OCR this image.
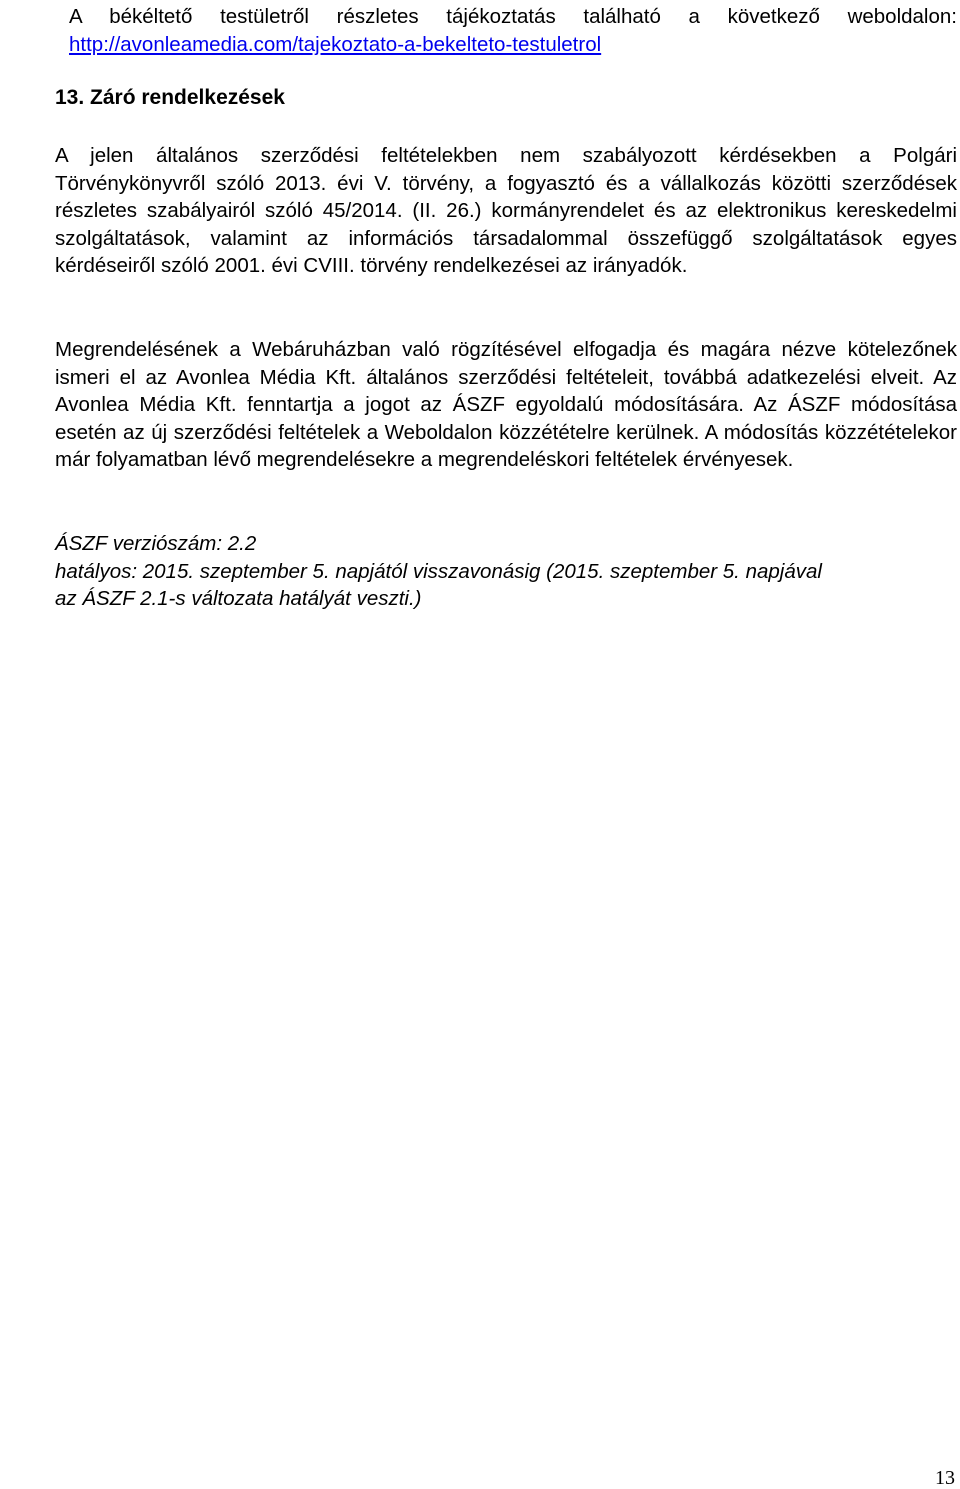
A békéltető testületről részletes tájékoztatás található a következő weboldalon:
http://avonleamedia.com/tajekoztato-a-bekelteto-testuletrol
13. Záró rendelkezések

A jelen általános szerződési feltételekben nem szabályozott kérdésekben a Polgári Törvénykönyvről szóló 2013. évi V. törvény, a fogyasztó és a vállalkozás közötti szerződések részletes szabályairól szóló 45/2014. (II. 26.) kormányrendelet és az elektronikus kereskedelmi szolgáltatások, valamint az információs társadalommal összefüggő szolgáltatások egyes kérdéseiről szóló 2001. évi CVIII. törvény rendelkezései az irányadók.

Megrendelésének a Webáruházban való rögzítésével elfogadja és magára nézve kötelezőnek ismeri el az Avonlea Média Kft. általános szerződési feltételeit, továbbá adatkezelési elveit. Az Avonlea Média Kft. fenntartja a jogot az ÁSZF egyoldalú módosítására. Az ÁSZF módosítása esetén az új szerződési feltételek a Weboldalon közzétételre kerülnek. A módosítás közzétételekor már folyamatban lévő megrendelésekre a megrendeléskori feltételek érvényesek.

ÁSZF verziószám: 2.2
hatályos: 2015. szeptember 5. napjától visszavonásig (2015. szeptember 5. napjával
az ÁSZF 2.1-s változata hatályát veszti.)
13
